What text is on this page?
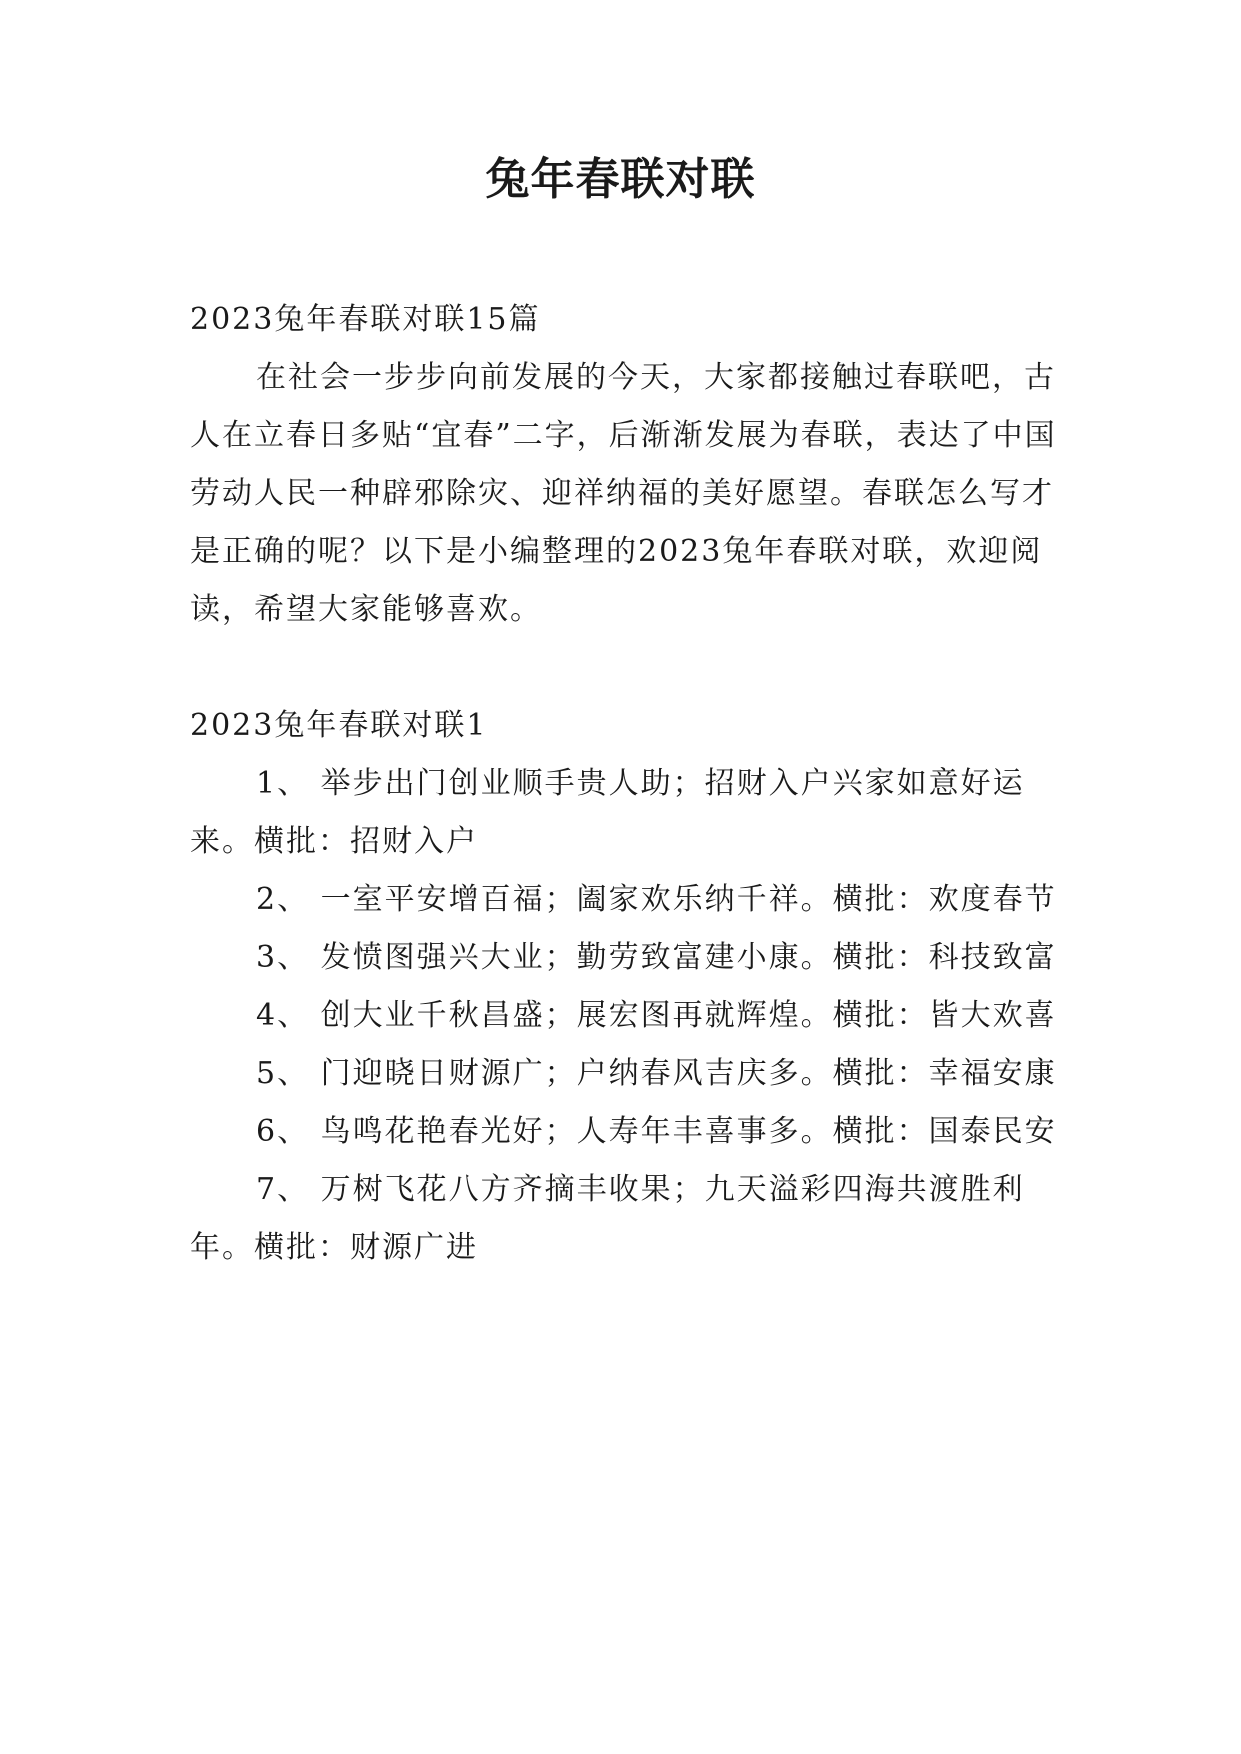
兔年春联对联

2023兔年春联对联15篇

在社会一步步向前发展的今天，大家都接触过春联吧，古人在立春日多贴“宜春”二字，后渐渐发展为春联，表达了中国劳动人民一种辟邪除灾、迎祥纳福的美好愿望。春联怎么写才是正确的呢？以下是小编整理的2023兔年春联对联，欢迎阅读，希望大家能够喜欢。

2023兔年春联对联1

1、 举步出门创业顺手贵人助；招财入户兴家如意好运来。横批：招财入户

2、 一室平安增百福；阖家欢乐纳千祥。横批：欢度春节

3、 发愤图强兴大业；勤劳致富建小康。横批：科技致富

4、 创大业千秋昌盛；展宏图再就辉煌。横批：皆大欢喜

5、 门迎晓日财源广；户纳春风吉庆多。横批：幸福安康

6、 鸟鸣花艳春光好；人寿年丰喜事多。横批：国泰民安

7、 万树飞花八方齐摘丰收果；九天溢彩四海共渡胜利年。横批：财源广进
